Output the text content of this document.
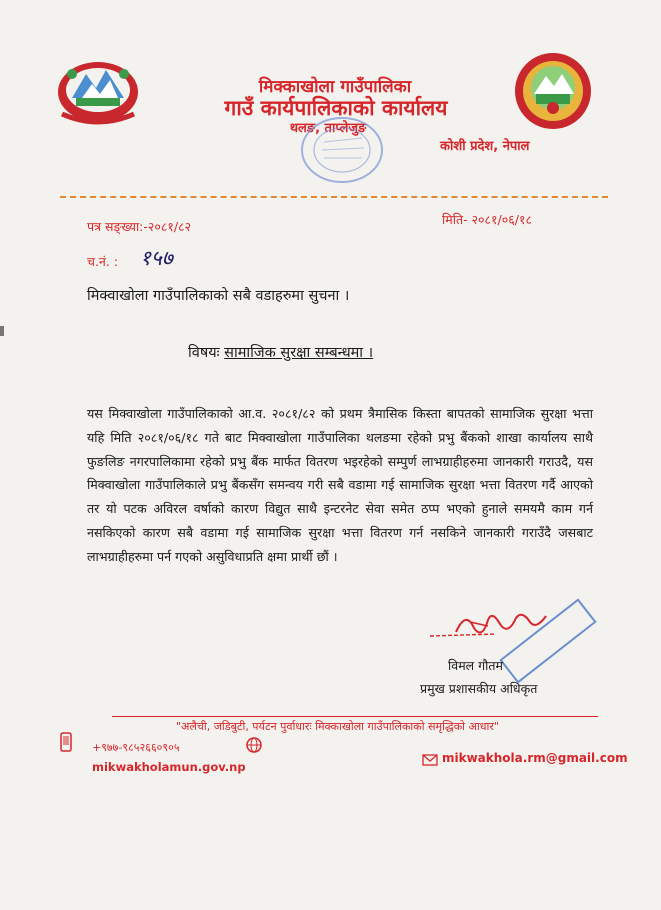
मिक्काखोला गाउँपालिका
गाउँ कार्यपालिकाको कार्यालय
थलङ, ताप्लेजुङ
कोशी प्रदेश, नेपाल
पत्र सङ्ख्या:-२०८१/८२	मिति- २०८१/०६/१८
च.नं. : १५७
मिक्वाखोला गाउँपालिकाको सबै वडाहरुमा सुचना ।
विषयः सामाजिक सुरक्षा सम्बन्धमा ।
यस मिक्वाखोला गाउँपालिकाको आ.व. २०८१/८२ को प्रथम त्रैमासिक किस्ता बापतको सामाजिक सुरक्षा भत्ता यहि मिति २०८१/०६/१८ गते बाट मिक्वाखोला गाउँपालिका थलङमा रहेको प्रभु बैंकको शाखा कार्यालय साथै फुङलिङ नगरपालिकामा रहेको प्रभु बैंक मार्फत वितरण भइरहेको सम्पुर्ण लाभग्राहीहरुमा जानकारी गराउदै, यस मिक्वाखोला गाउँपालिकाले प्रभु बैंकसँग समन्वय गरी सबै वडामा गई सामाजिक सुरक्षा भत्ता वितरण गर्दै आएको तर यो पटक अविरल वर्षाको कारण विद्युत साथै इन्टरनेट सेवा समेत ठप्प भएको हुनाले समयमै काम गर्न नसकिएको कारण सबै वडामा गई सामाजिक सुरक्षा भत्ता वितरण गर्न नसकिने जानकारी गराउँदै जसबाट लाभग्राहीहरुमा पर्न गएको असुविधाप्रति क्षमा प्रार्थी छौं ।
विमल गौतम
प्रमुख प्रशासकीय अधिकृत
"अलैची, जडिबुटी, पर्यटन पुर्वाधारः मिक्काखोला गाउँपालिकाको समृद्धिको आधार"
+९७७-९८५२६६०९०५
mikwakholamun.gov.np
mikwakhola.rm@gmail.com
